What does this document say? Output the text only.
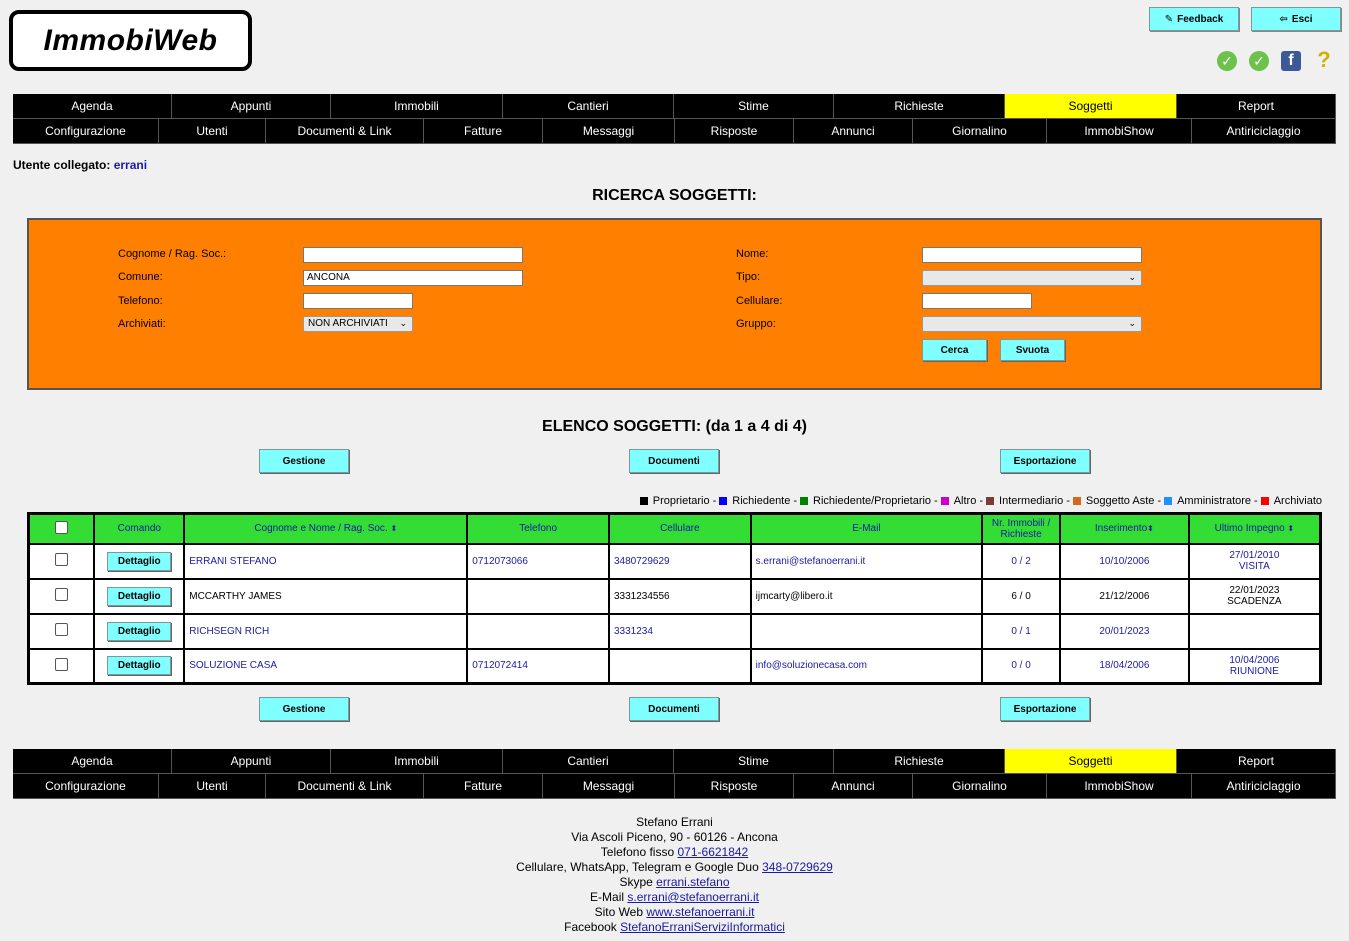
ImmobiWeb
✎ Feedback	⇦ Esci
✓ ✓	f	?
Agenda	Appunti	Immobili	Cantieri	Stime	Richieste	Soggetti	Report
Configurazione	Utenti	Documenti & Link	Fatture	Messaggi	Risposte	Annunci	Giornalino	ImmobiShow	Antiriciclaggio
Utente collegato: errani
RICERCA SOGGETTI:
Cognome / Rag. Soc.:
Comune:	ANCONA
Telefono:
Archiviati:	NON ARCHIVIATI ⌄
Nome:
Tipo:	⌄
Cellulare:
Gruppo:	⌄
Cerca	Svuota
ELENCO SOGGETTI: (da 1 a 4 di 4)
Gestione	Documenti	Esportazione
Proprietario - Richiedente - Richiedente/Proprietario - Altro - Intermediario - Soggetto Aste - Amministratore - Archiviato
	Comando	Cognome e Nome / Rag. Soc. ⬍	Telefono	Cellulare	E-Mail	Nr. Immobili /
Richieste	Inserimento⬍	Ultimo Impegno ⬍
	Dettaglio	ERRANI STEFANO	0712073066	3480729629	s.errani@stefanoerrani.it	0 / 2	10/10/2006	27/01/2010
VISITA
	Dettaglio	MCCARTHY JAMES		3331234556	ijmcarty@libero.it	6 / 0	21/12/2006	22/01/2023
SCADENZA
	Dettaglio	RICHSEGN RICH		3331234		0 / 1	20/01/2023	

	Dettaglio	SOLUZIONE CASA	0712072414		info@soluzionecasa.com	0 / 0	18/04/2006	10/04/2006
RIUNIONE
Gestione	Documenti	Esportazione
Agenda	Appunti	Immobili	Cantieri	Stime	Richieste	Soggetti	Report
Configurazione	Utenti	Documenti & Link	Fatture	Messaggi	Risposte	Annunci	Giornalino	ImmobiShow	Antiriciclaggio
Stefano Errani
Via Ascoli Piceno, 90 - 60126 - Ancona
Telefono fisso 071-6621842
Cellulare, WhatsApp, Telegram e Google Duo 348-0729629
Skype errani.stefano
E-Mail s.errani@stefanoerrani.it
Sito Web www.stefanoerrani.it
Facebook StefanoErraniServiziInformatici
